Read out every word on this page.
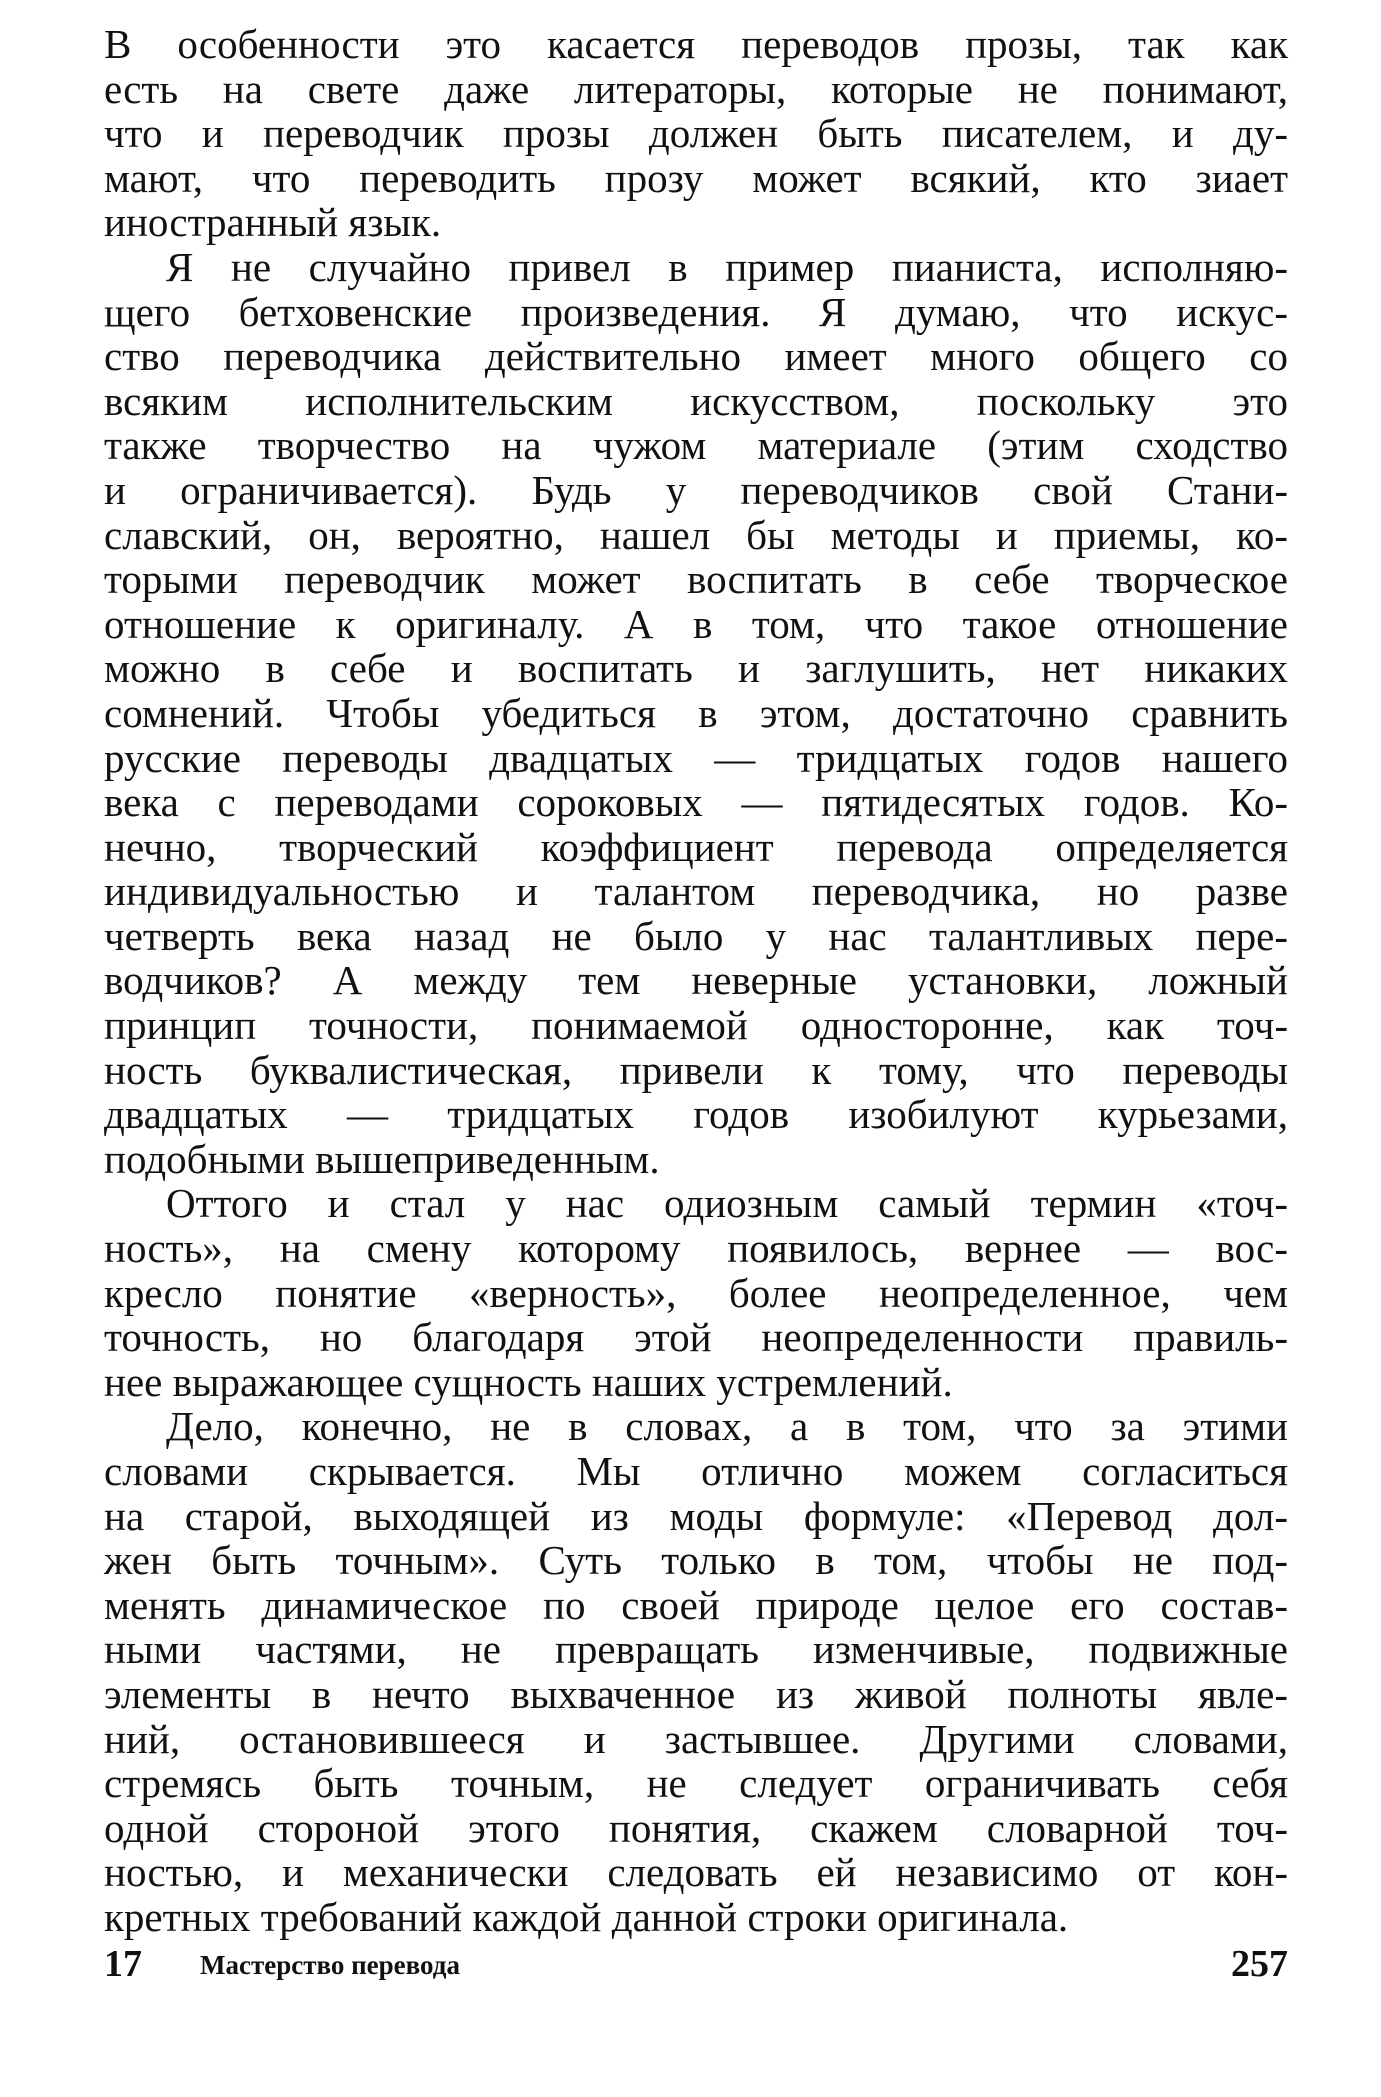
В особенности это касается переводов прозы, так как
есть на свете даже литераторы, которые не понимают,
что и переводчик прозы должен быть писателем, и ду-
мают, что переводить прозу может всякий, кто зиает
иностранный язык.
Я не случайно привел в пример пианиста, исполняю-
щего бетховенские произведения. Я думаю, что искус-
ство переводчика действительно имеет много общего со
всяким исполнительским искусством, поскольку это
также творчество на чужом материале (этим сходство
и ограничивается). Будь у переводчиков свой Стани-
славский, он, вероятно, нашел бы методы и приемы, ко-
торыми переводчик может воспитать в себе творческое
отношение к оригиналу. А в том, что такое отношение
можно в себе и воспитать и заглушить, нет никаких
сомнений. Чтобы убедиться в этом, достаточно сравнить
русские переводы двадцатых — тридцатых годов нашего
века с переводами сороковых — пятидесятых годов. Ко-
нечно, творческий коэффициент перевода определяется
индивидуальностью и талантом переводчика, но разве
четверть века назад не было у нас талантливых пере-
водчиков? А между тем неверные установки, ложный
принцип точности, понимаемой односторонне, как точ-
ность буквалистическая, привели к тому, что переводы
двадцатых — тридцатых годов изобилуют курьезами,
подобными вышеприведенным.
Оттого и стал у нас одиозным самый термин «точ-
ность», на смену которому появилось, вернее — вос-
кресло понятие «верность», более неопределенное, чем
точность, но благодаря этой неопределенности правиль-
нее выражающее сущность наших устремлений.
Дело, конечно, не в словах, а в том, что за этими
словами скрывается. Мы отлично можем согласиться
на старой, выходящей из моды формуле: «Перевод дол-
жен быть точным». Суть только в том, чтобы не под-
менять динамическое по своей природе целое его состав-
ными частями, не превращать изменчивые, подвижные
элементы в нечто выхваченное из живой полноты явле-
ний, остановившееся и застывшее. Другими словами,
стремясь быть точным, не следует ограничивать себя
одной стороной этого понятия, скажем словарной точ-
ностью, и механически следовать ей независимо от кон-
кретных требований каждой данной строки оригинала.
17 Мастерство перевода	257
